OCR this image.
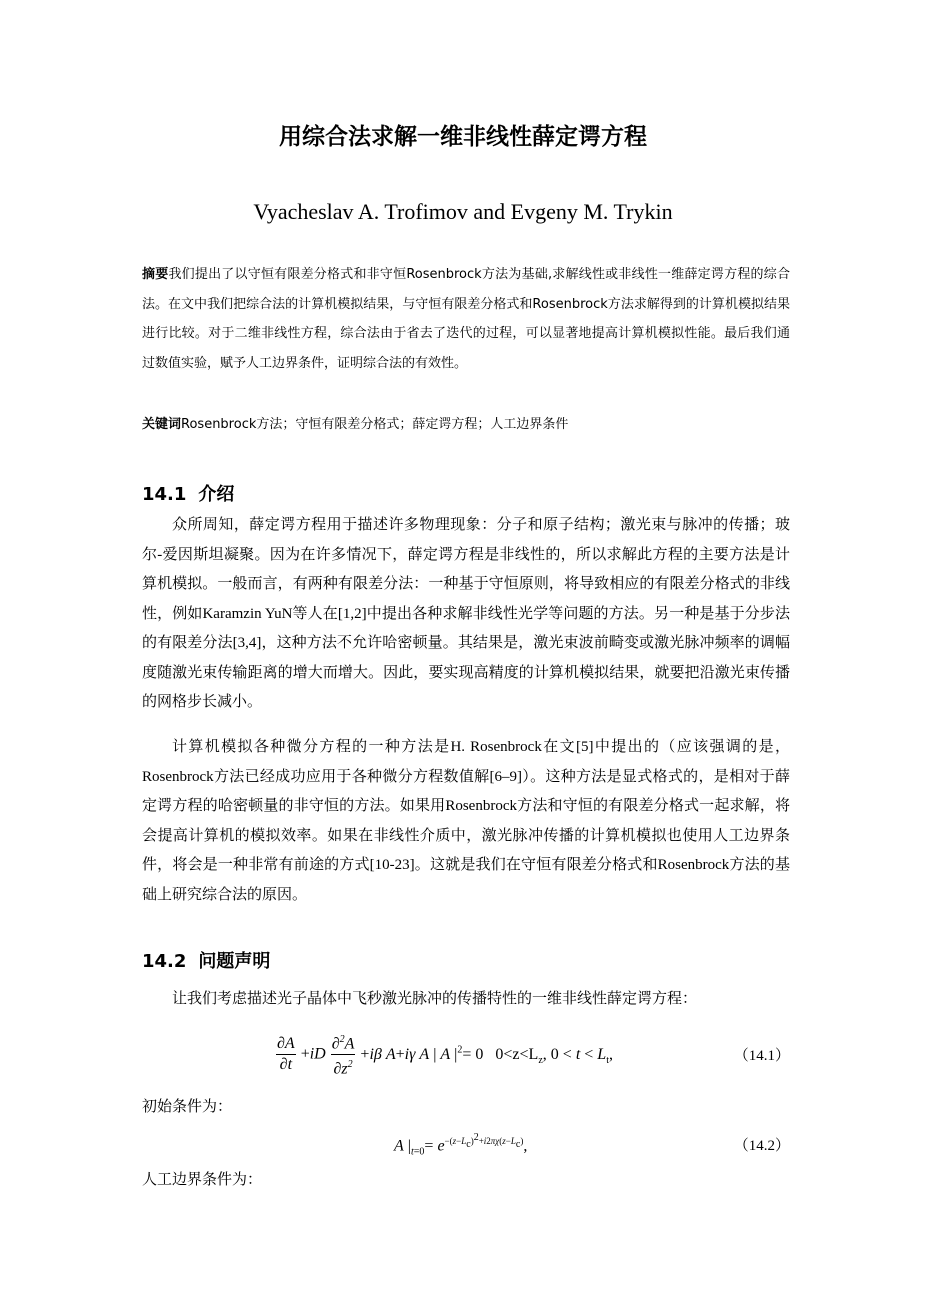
用综合法求解一维非线性薛定谔方程
Vyacheslav A. Trofimov and Evgeny M. Trykin
摘要我们提出了以守恒有限差分格式和非守恒Rosenbrock方法为基础,求解线性或非线性一维薛定谔方程的综合法。在文中我们把综合法的计算机模拟结果，与守恒有限差分格式和Rosenbrock方法求解得到的计算机模拟结果进行比较。对于二维非线性方程，综合法由于省去了迭代的过程，可以显著地提高计算机模拟性能。最后我们通过数值实验，赋予人工边界条件，证明综合法的有效性。
关键词Rosenbrock方法；守恒有限差分格式；薛定谔方程；人工边界条件
14.1 介绍

众所周知，薛定谔方程用于描述许多物理现象：分子和原子结构；激光束与脉冲的传播；玻尔-爱因斯坦凝聚。因为在许多情况下，薛定谔方程是非线性的，所以求解此方程的主要方法是计算机模拟。一般而言，有两种有限差分法：一种基于守恒原则，将导致相应的有限差分格式的非线性，例如Karamzin YuN等人在[1,2]中提出各种求解非线性光学等问题的方法。另一种是基于分步法的有限差分法[3,4]，这种方法不允许哈密顿量。其结果是，激光束波前畸变或激光脉冲频率的调幅度随激光束传输距离的增大而增大。因此，要实现高精度的计算机模拟结果，就要把沿激光束传播的网格步长减小。

计算机模拟各种微分方程的一种方法是H. Rosenbrock在文[5]中提出的（应该强调的是，Rosenbrock方法已经成功应用于各种微分方程数值解[6–9]）。这种方法是显式格式的，是相对于薛定谔方程的哈密顿量的非守恒的方法。如果用Rosenbrock方法和守恒的有限差分格式一起求解，将会提高计算机的模拟效率。如果在非线性介质中，激光脉冲传播的计算机模拟也使用人工边界条件，将会是一种非常有前途的方式[10-23]。这就是我们在守恒有限差分格式和Rosenbrock方法的基础上研究综合法的原因。

14.2 问题声明

让我们考虑描述光子晶体中飞秒激光脉冲的传播特性的一维非线性薛定谔方程：

$\frac{\partial A}{\partial t} +iD \frac{\partial^2A}{\partial z^2} +i\beta$ A+iγ A | A $|^2= 0$   $0<z<L_z$, $0 < t < L_t$,	（14.1）

初始条件为：

A $|_{t=0}= e^{-(z-L_c)^2+i2\pi\chi(z-L_c)}$,	（14.2）

人工边界条件为：
